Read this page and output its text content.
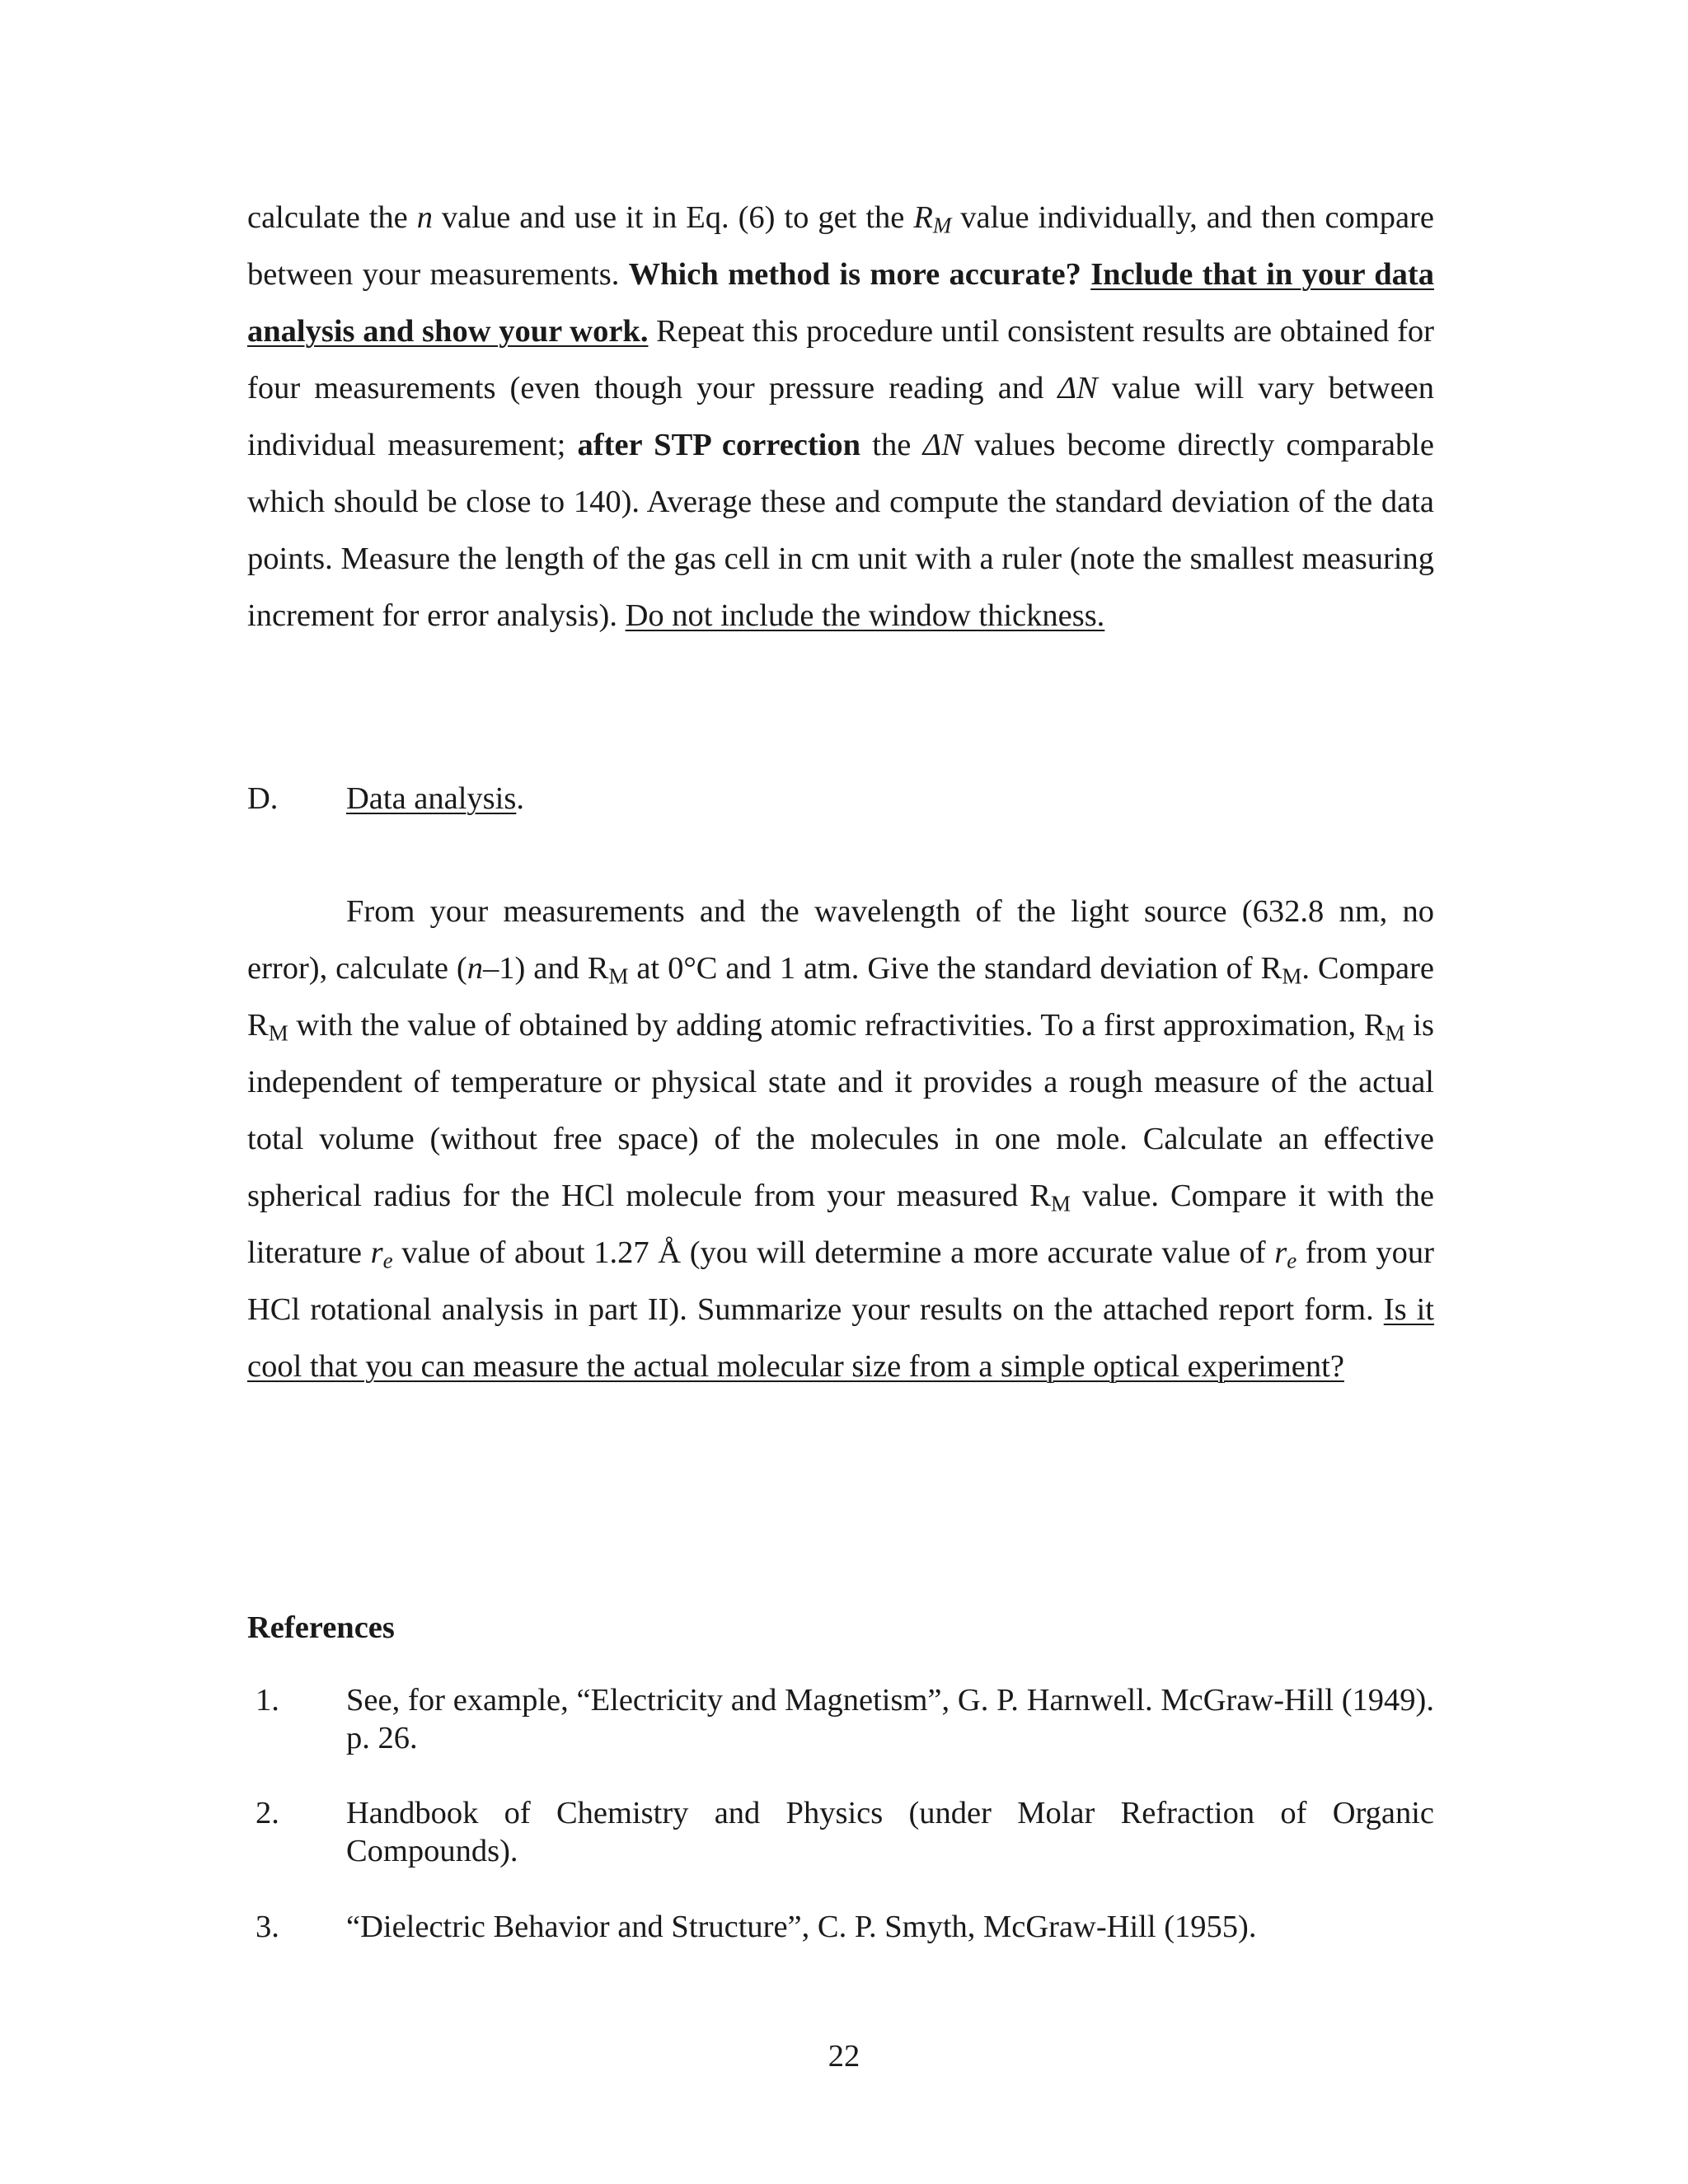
calculate the n value and use it in Eq. (6) to get the $R_M$ value individually, and then compare between your measurements. Which method is more accurate? Include that in your data analysis and show your work. Repeat this procedure until consistent results are obtained for four measurements (even though your pressure reading and ΔN value will vary between individual measurement; after STP correction the ΔN values become directly comparable which should be close to 140). Average these and compute the standard deviation of the data points. Measure the length of the gas cell in cm unit with a ruler (note the smallest measuring increment for error analysis). Do not include the window thickness.

D. Data analysis.

From your measurements and the wavelength of the light source (632.8 nm, no error), calculate (n–1) and $R_M$ at 0°C and 1 atm. Give the standard deviation of $R_M$. Compare $R_M$ with the value of obtained by adding atomic refractivities. To a first approximation, $R_M$ is independent of temperature or physical state and it provides a rough measure of the actual total volume (without free space) of the molecules in one mole. Calculate an effective spherical radius for the HCl molecule from your measured $R_M$ value. Compare it with the literature $r_e$ value of about 1.27 Å (you will determine a more accurate value of $r_e$ from your HCl rotational analysis in part II). Summarize your results on the attached report form. Is it cool that you can measure the actual molecular size from a simple optical experiment?

References
1. See, for example, “Electricity and Magnetism”, G. P. Harnwell. McGraw-Hill (1949). p. 26.
2. Handbook of Chemistry and Physics (under Molar Refraction of Organic Compounds).
3. “Dielectric Behavior and Structure”, C. P. Smyth, McGraw-Hill (1955).
22
